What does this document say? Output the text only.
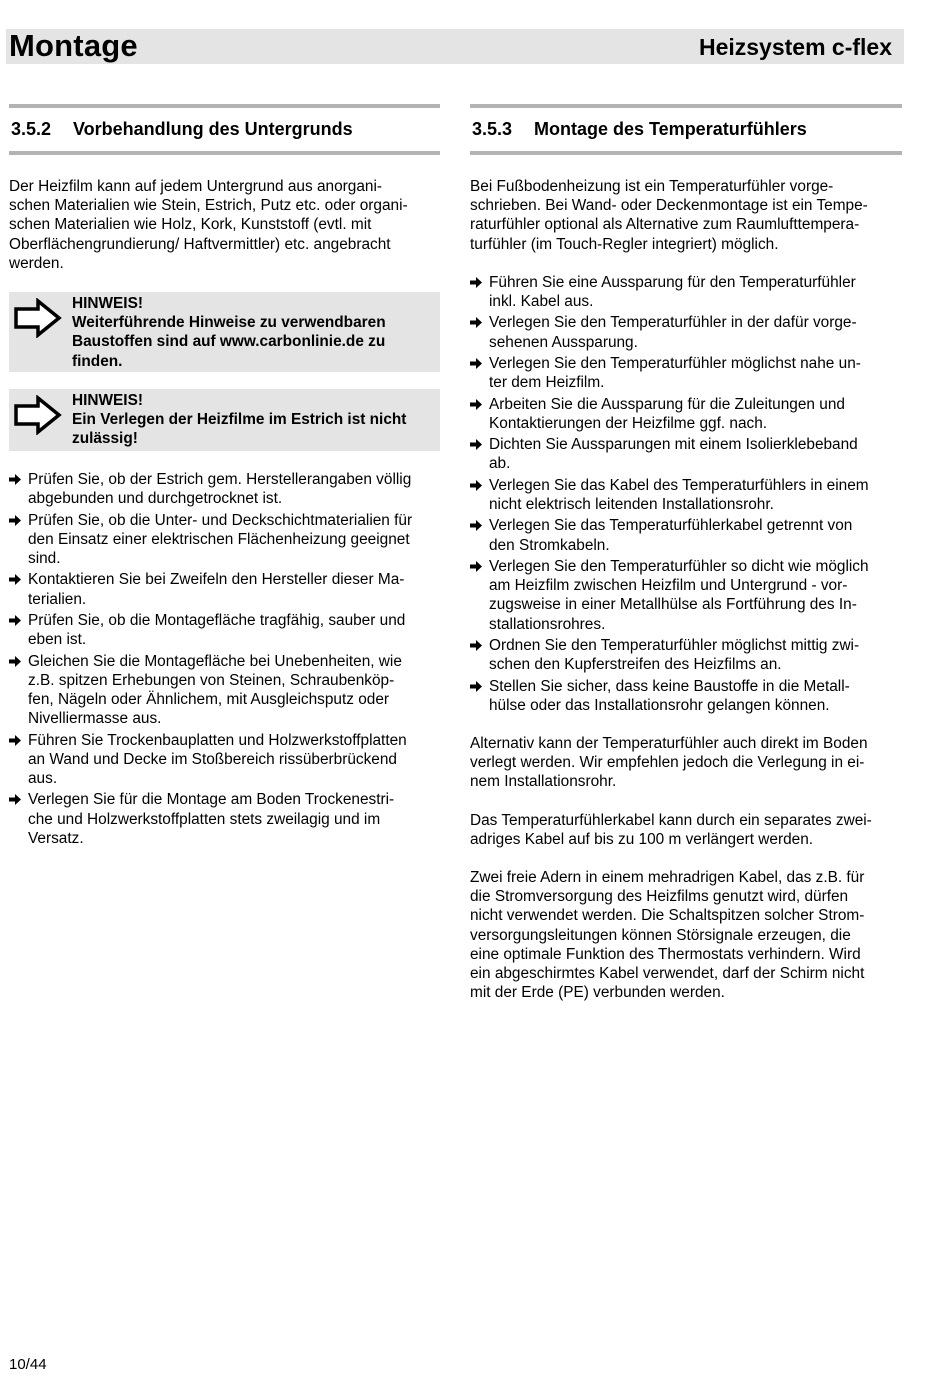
Montage	Heizsystem c-flex
3.5.2 Vorbehandlung des Untergrunds

Der Heizfilm kann auf jedem Untergrund aus anorgani-
schen Materialien wie Stein, Estrich, Putz etc. oder organi-
schen Materialien wie Holz, Kork, Kunststoff (evtl. mit
Oberflächengrundierung/ Haftvermittler) etc. angebracht
werden.

HINWEIS!
Weiterführende Hinweise zu verwendbaren
Baustoffen sind auf www.carbonlinie.de zu
finden.
HINWEIS!
Ein Verlegen der Heizfilme im Estrich ist nicht
zulässig!
Prüfen Sie, ob der Estrich gem. Herstellerangaben völlig
abgebunden und durchgetrocknet ist.
Prüfen Sie, ob die Unter- und Deckschichtmaterialien für
den Einsatz einer elektrischen Flächenheizung geeignet
sind.
Kontaktieren Sie bei Zweifeln den Hersteller dieser Ma-
terialien.
Prüfen Sie, ob die Montagefläche tragfähig, sauber und
eben ist.
Gleichen Sie die Montagefläche bei Unebenheiten, wie
z.B. spitzen Erhebungen von Steinen, Schraubenköp-
fen, Nägeln oder Ähnlichem, mit Ausgleichsputz oder
Nivelliermasse aus.
Führen Sie Trockenbauplatten und Holzwerkstoffplatten
an Wand und Decke im Stoßbereich rissüberbrückend
aus.
Verlegen Sie für die Montage am Boden Trockenestri-
che und Holzwerkstoffplatten stets zweilagig und im
Versatz.
3.5.3 Montage des Temperaturfühlers

Bei Fußbodenheizung ist ein Temperaturfühler vorge-
schrieben. Bei Wand- oder Deckenmontage ist ein Tempe-
raturfühler optional als Alternative zum Raumlufttempera-
turfühler (im Touch-Regler integriert) möglich.

Führen Sie eine Aussparung für den Temperaturfühler
inkl. Kabel aus.
Verlegen Sie den Temperaturfühler in der dafür vorge-
sehenen Aussparung.
Verlegen Sie den Temperaturfühler möglichst nahe un-
ter dem Heizfilm.
Arbeiten Sie die Aussparung für die Zuleitungen und
Kontaktierungen der Heizfilme ggf. nach.
Dichten Sie Aussparungen mit einem Isolierklebeband
ab.
Verlegen Sie das Kabel des Temperaturfühlers in einem
nicht elektrisch leitenden Installationsrohr.
Verlegen Sie das Temperaturfühlerkabel getrennt von
den Stromkabeln.
Verlegen Sie den Temperaturfühler so dicht wie möglich
am Heizfilm zwischen Heizfilm und Untergrund - vor-
zugsweise in einer Metallhülse als Fortführung des In-
stallationsrohres.
Ordnen Sie den Temperaturfühler möglichst mittig zwi-
schen den Kupferstreifen des Heizfilms an.
Stellen Sie sicher, dass keine Baustoffe in die Metall-
hülse oder das Installationsrohr gelangen können.

Alternativ kann der Temperaturfühler auch direkt im Boden
verlegt werden. Wir empfehlen jedoch die Verlegung in ei-
nem Installationsrohr.

Das Temperaturfühlerkabel kann durch ein separates zwei-
adriges Kabel auf bis zu 100 m verlängert werden.

Zwei freie Adern in einem mehradrigen Kabel, das z.B. für
die Stromversorgung des Heizfilms genutzt wird, dürfen
nicht verwendet werden. Die Schaltspitzen solcher Strom-
versorgungsleitungen können Störsignale erzeugen, die
eine optimale Funktion des Thermostats verhindern. Wird
ein abgeschirmtes Kabel verwendet, darf der Schirm nicht
mit der Erde (PE) verbunden werden.

10/44
